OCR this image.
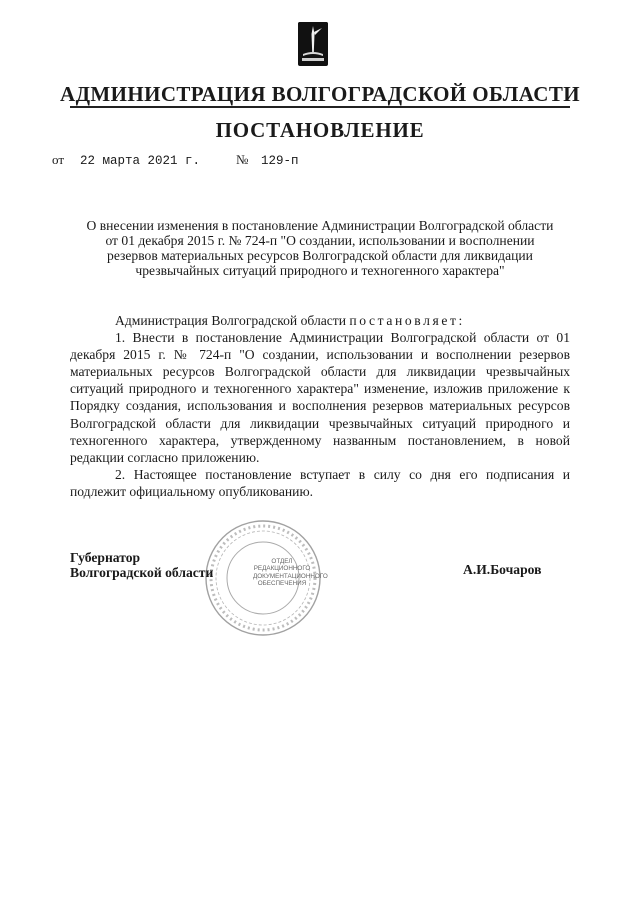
АДМИНИСТРАЦИЯ ВОЛГОГРАДСКОЙ ОБЛАСТИ
ПОСТАНОВЛЕНИЕ
от	22 марта 2021 г.	№	129-п
О внесении изменения в постановление Администрации Волгоградской области
от 01 декабря 2015 г. № 724-п "О создании, использовании и восполнении
резервов материальных ресурсов Волгоградской области для ликвидации
чрезвычайных ситуаций природного и техногенного характера"
Администрация Волгоградской области постановляет:
1. Внести в постановление Администрации Волгоградской области от 01 декабря 2015 г. № 724-п "О создании, использовании и восполнении резервов материальных ресурсов Волгоградской области для ликвидации чрезвычайных ситуаций природного и техногенного характера" изменение, изложив приложение к Порядку создания, использования и восполнения резервов материальных ресурсов Волгоградской области для ликвидации чрезвычайных ситуаций природного и техногенного характера, утвержденному названным постановлением, в новой редакции согласно приложению.
2. Настоящее постановление вступает в силу со дня его подписания и подлежит официальному опубликованию.
ОТДЕЛ
РЕДАКЦИОННОГО
ДОКУМЕНТАЦИОННОГО
ОБЕСПЕЧЕНИЯ
Губернатор
Волгоградской области	А.И.Бочаров
